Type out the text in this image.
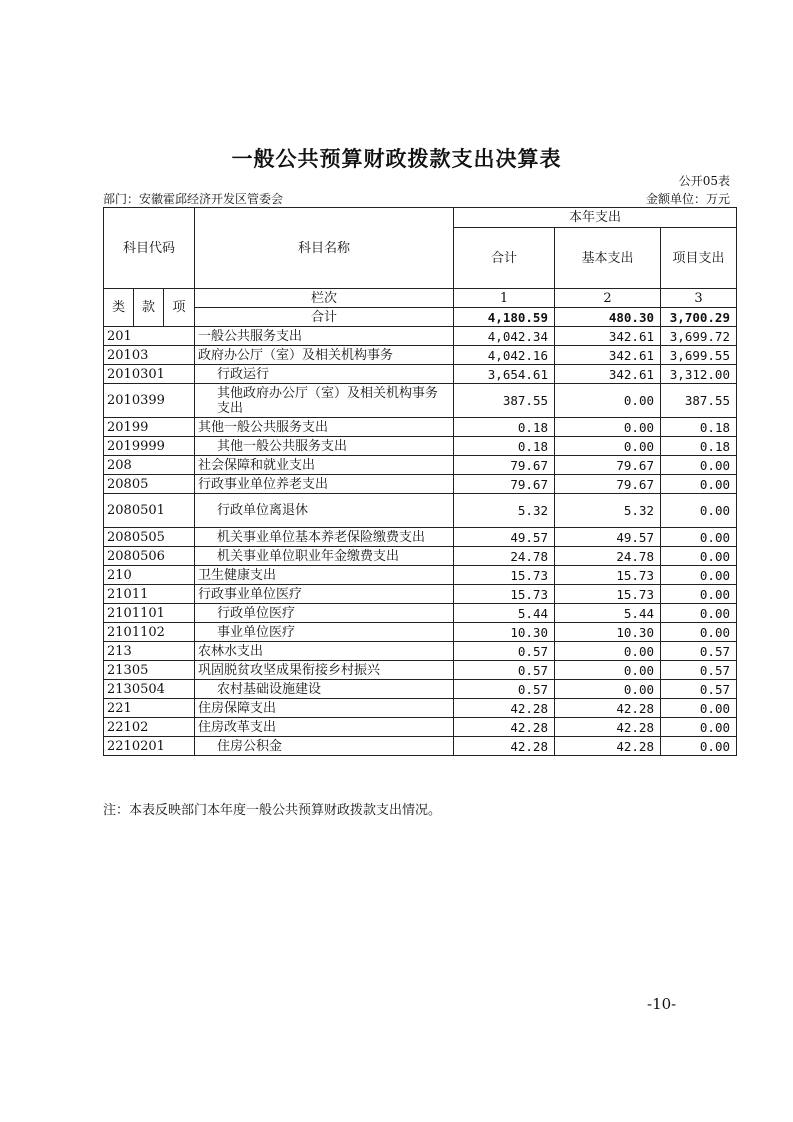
一般公共预算财政拨款支出决算表
公开05表
部门：安徽霍邱经济开发区管委会	金额单位：万元
科目代码			科目名称	本年支出		
				合计	基本支出	项目支出
类	款	项	栏次	1	2	3
			合计	4,180.59	480.30	3,700.29
201			一般公共服务支出	4,042.34	342.61	3,699.72
20103			政府办公厅（室）及相关机构事务	4,042.16	342.61	3,699.55
2010301			行政运行	3,654.61	342.61	3,312.00
2010399			其他政府办公厅（室）及相关机构事务支出	387.55	0.00	387.55
20199			其他一般公共服务支出	0.18	0.00	0.18
2019999			其他一般公共服务支出	0.18	0.00	0.18
208			社会保障和就业支出	79.67	79.67	0.00
20805			行政事业单位养老支出	79.67	79.67	0.00
2080501			行政单位离退休	5.32	5.32	0.00
2080505			机关事业单位基本养老保险缴费支出	49.57	49.57	0.00
2080506			机关事业单位职业年金缴费支出	24.78	24.78	0.00
210			卫生健康支出	15.73	15.73	0.00
21011			行政事业单位医疗	15.73	15.73	0.00
2101101			行政单位医疗	5.44	5.44	0.00
2101102			事业单位医疗	10.30	10.30	0.00
213			农林水支出	0.57	0.00	0.57
21305			巩固脱贫攻坚成果衔接乡村振兴	0.57	0.00	0.57
2130504			农村基础设施建设	0.57	0.00	0.57
221			住房保障支出	42.28	42.28	0.00
22102			住房改革支出	42.28	42.28	0.00
2210201			住房公积金	42.28	42.28	0.00
注：本表反映部门本年度一般公共预算财政拨款支出情况。
-10-
